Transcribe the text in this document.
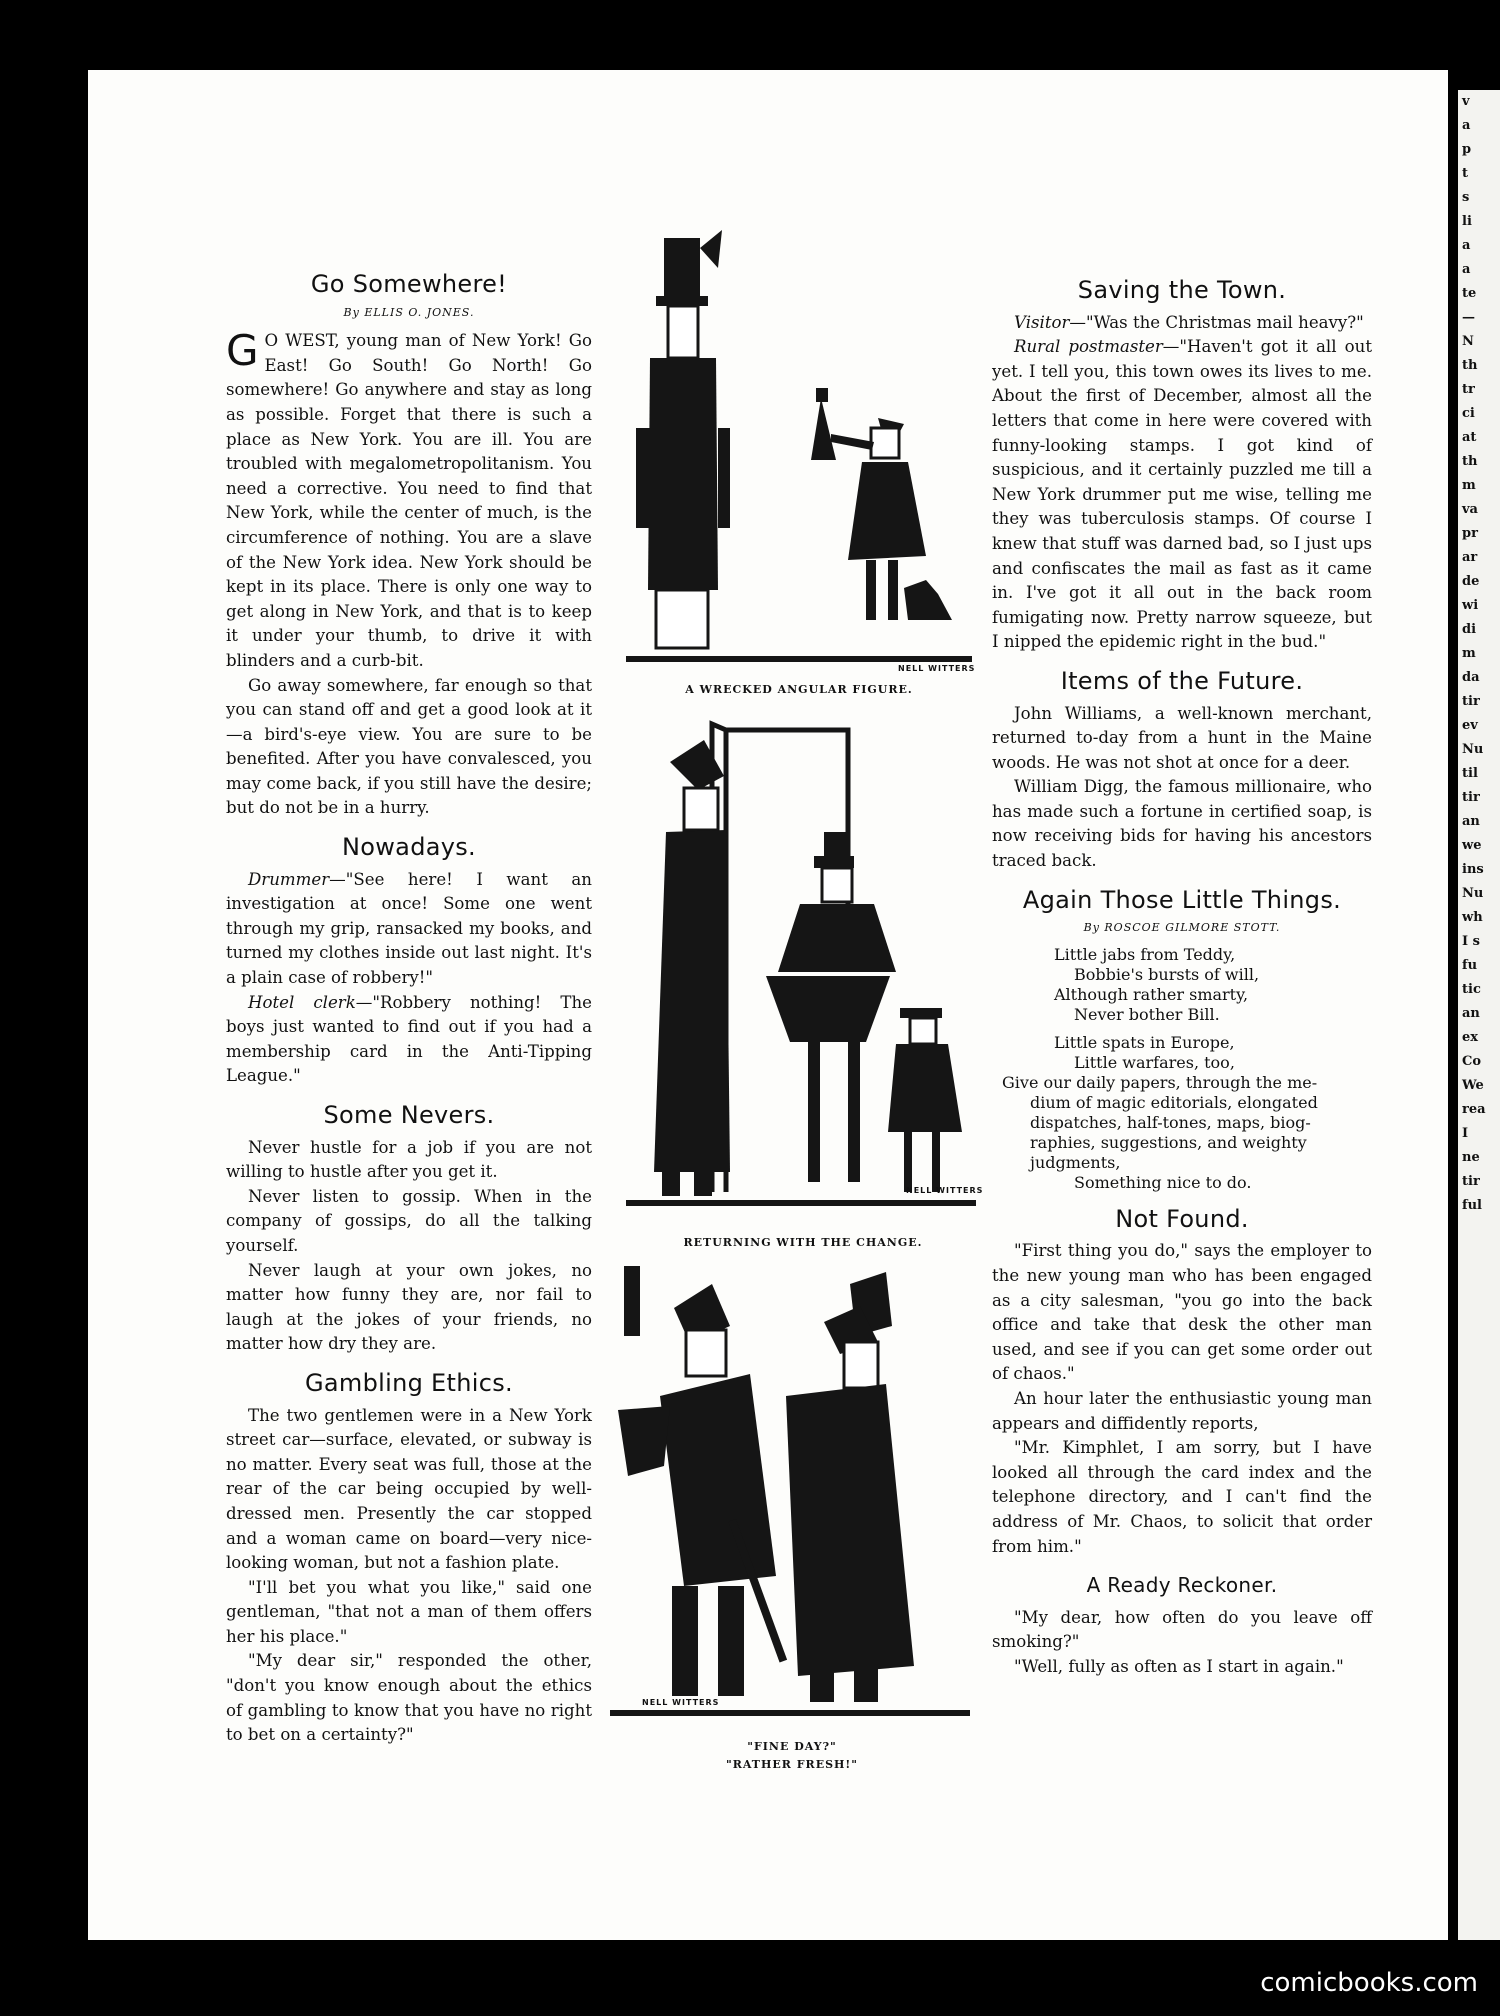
v
a
p
t
s
li
a
a
te
—
N
th
tr
ci
at
th
m
va
pr
ar
de
wi
di
m
da
tir
ev
Nu
til
tir
an
we
ins
Nu
wh
I s
fu
tic
an
ex
Co
We
rea
I
ne
tir
ful
Go Somewhere!
By ELLIS O. JONES.

G O WEST, young man of New York! Go East! Go South! Go North! Go somewhere! Go anywhere and stay as long as possible. Forget that there is such a place as New York. You are ill. You are troubled with megalometropolitanism. You need a corrective. You need to find that New York, while the center of much, is the circumference of nothing. You are a slave of the New York idea. New York should be kept in its place. There is only one way to get along in New York, and that is to keep it under your thumb, to drive it with blinders and a curb-bit.

Go away somewhere, far enough so that you can stand off and get a good look at it—a bird's-eye view. You are sure to be benefited. After you have convalesced, you may come back, if you still have the desire; but do not be in a hurry.

Nowadays.

Drummer—"See here! I want an investigation at once! Some one went through my grip, ransacked my books, and turned my clothes inside out last night. It's a plain case of robbery!"

Hotel clerk—"Robbery nothing! The boys just wanted to find out if you had a membership card in the Anti-Tipping League."

Some Nevers.

Never hustle for a job if you are not willing to hustle after you get it.

Never listen to gossip. When in the company of gossips, do all the talking yourself.

Never laugh at your own jokes, no matter how funny they are, nor fail to laugh at the jokes of your friends, no matter how dry they are.

Gambling Ethics.

The two gentlemen were in a New York street car—surface, elevated, or subway is no matter. Every seat was full, those at the rear of the car being occupied by well-dressed men. Presently the car stopped and a woman came on board—very nice-looking woman, but not a fashion plate.

"I'll bet you what you like," said one gentleman, "that not a man of them offers her his place."

"My dear sir," responded the other, "don't you know enough about the ethics of gambling to know that you have no right to bet on a certainty?"

NELL WITTERS
A WRECKED ANGULAR FIGURE.
NELL WITTERS
RETURNING WITH THE CHANGE.
NELL WITTERS
"FINE DAY?"
"RATHER FRESH!"
Saving the Town.

Visitor—"Was the Christmas mail heavy?"

Rural postmaster—"Haven't got it all out yet. I tell you, this town owes its lives to me. About the first of December, almost all the letters that come in here were covered with funny-looking stamps. I got kind of suspicious, and it certainly puzzled me till a New York drummer put me wise, telling me they was tuberculosis stamps. Of course I knew that stuff was darned bad, so I just ups and confiscates the mail as fast as it came in. I've got it all out in the back room fumigating now. Pretty narrow squeeze, but I nipped the epidemic right in the bud."

Items of the Future.

John Williams, a well-known merchant, returned to-day from a hunt in the Maine woods. He was not shot at once for a deer.

William Digg, the famous millionaire, who has made such a fortune in certified soap, is now receiving bids for having his ancestors traced back.

Again Those Little Things.
By ROSCOE GILMORE STOTT.
Little jabs from Teddy,
Bobbie's bursts of will,
Although rather smarty,
Never bother Bill.
Little spats in Europe,
Little warfares, too,
Give our daily papers, through the me-
dium of magic editorials, elongated
dispatches, half-tones, maps, biog-
raphies, suggestions, and weighty
judgments,
Something nice to do.
Not Found.

"First thing you do," says the employer to the new young man who has been engaged as a city salesman, "you go into the back office and take that desk the other man used, and see if you can get some order out of chaos."

An hour later the enthusiastic young man appears and diffidently reports,

"Mr. Kimphlet, I am sorry, but I have looked all through the card index and the telephone directory, and I can't find the address of Mr. Chaos, to solicit that order from him."

A Ready Reckoner.

"My dear, how often do you leave off smoking?"

"Well, fully as often as I start in again."

comicbooks.com
